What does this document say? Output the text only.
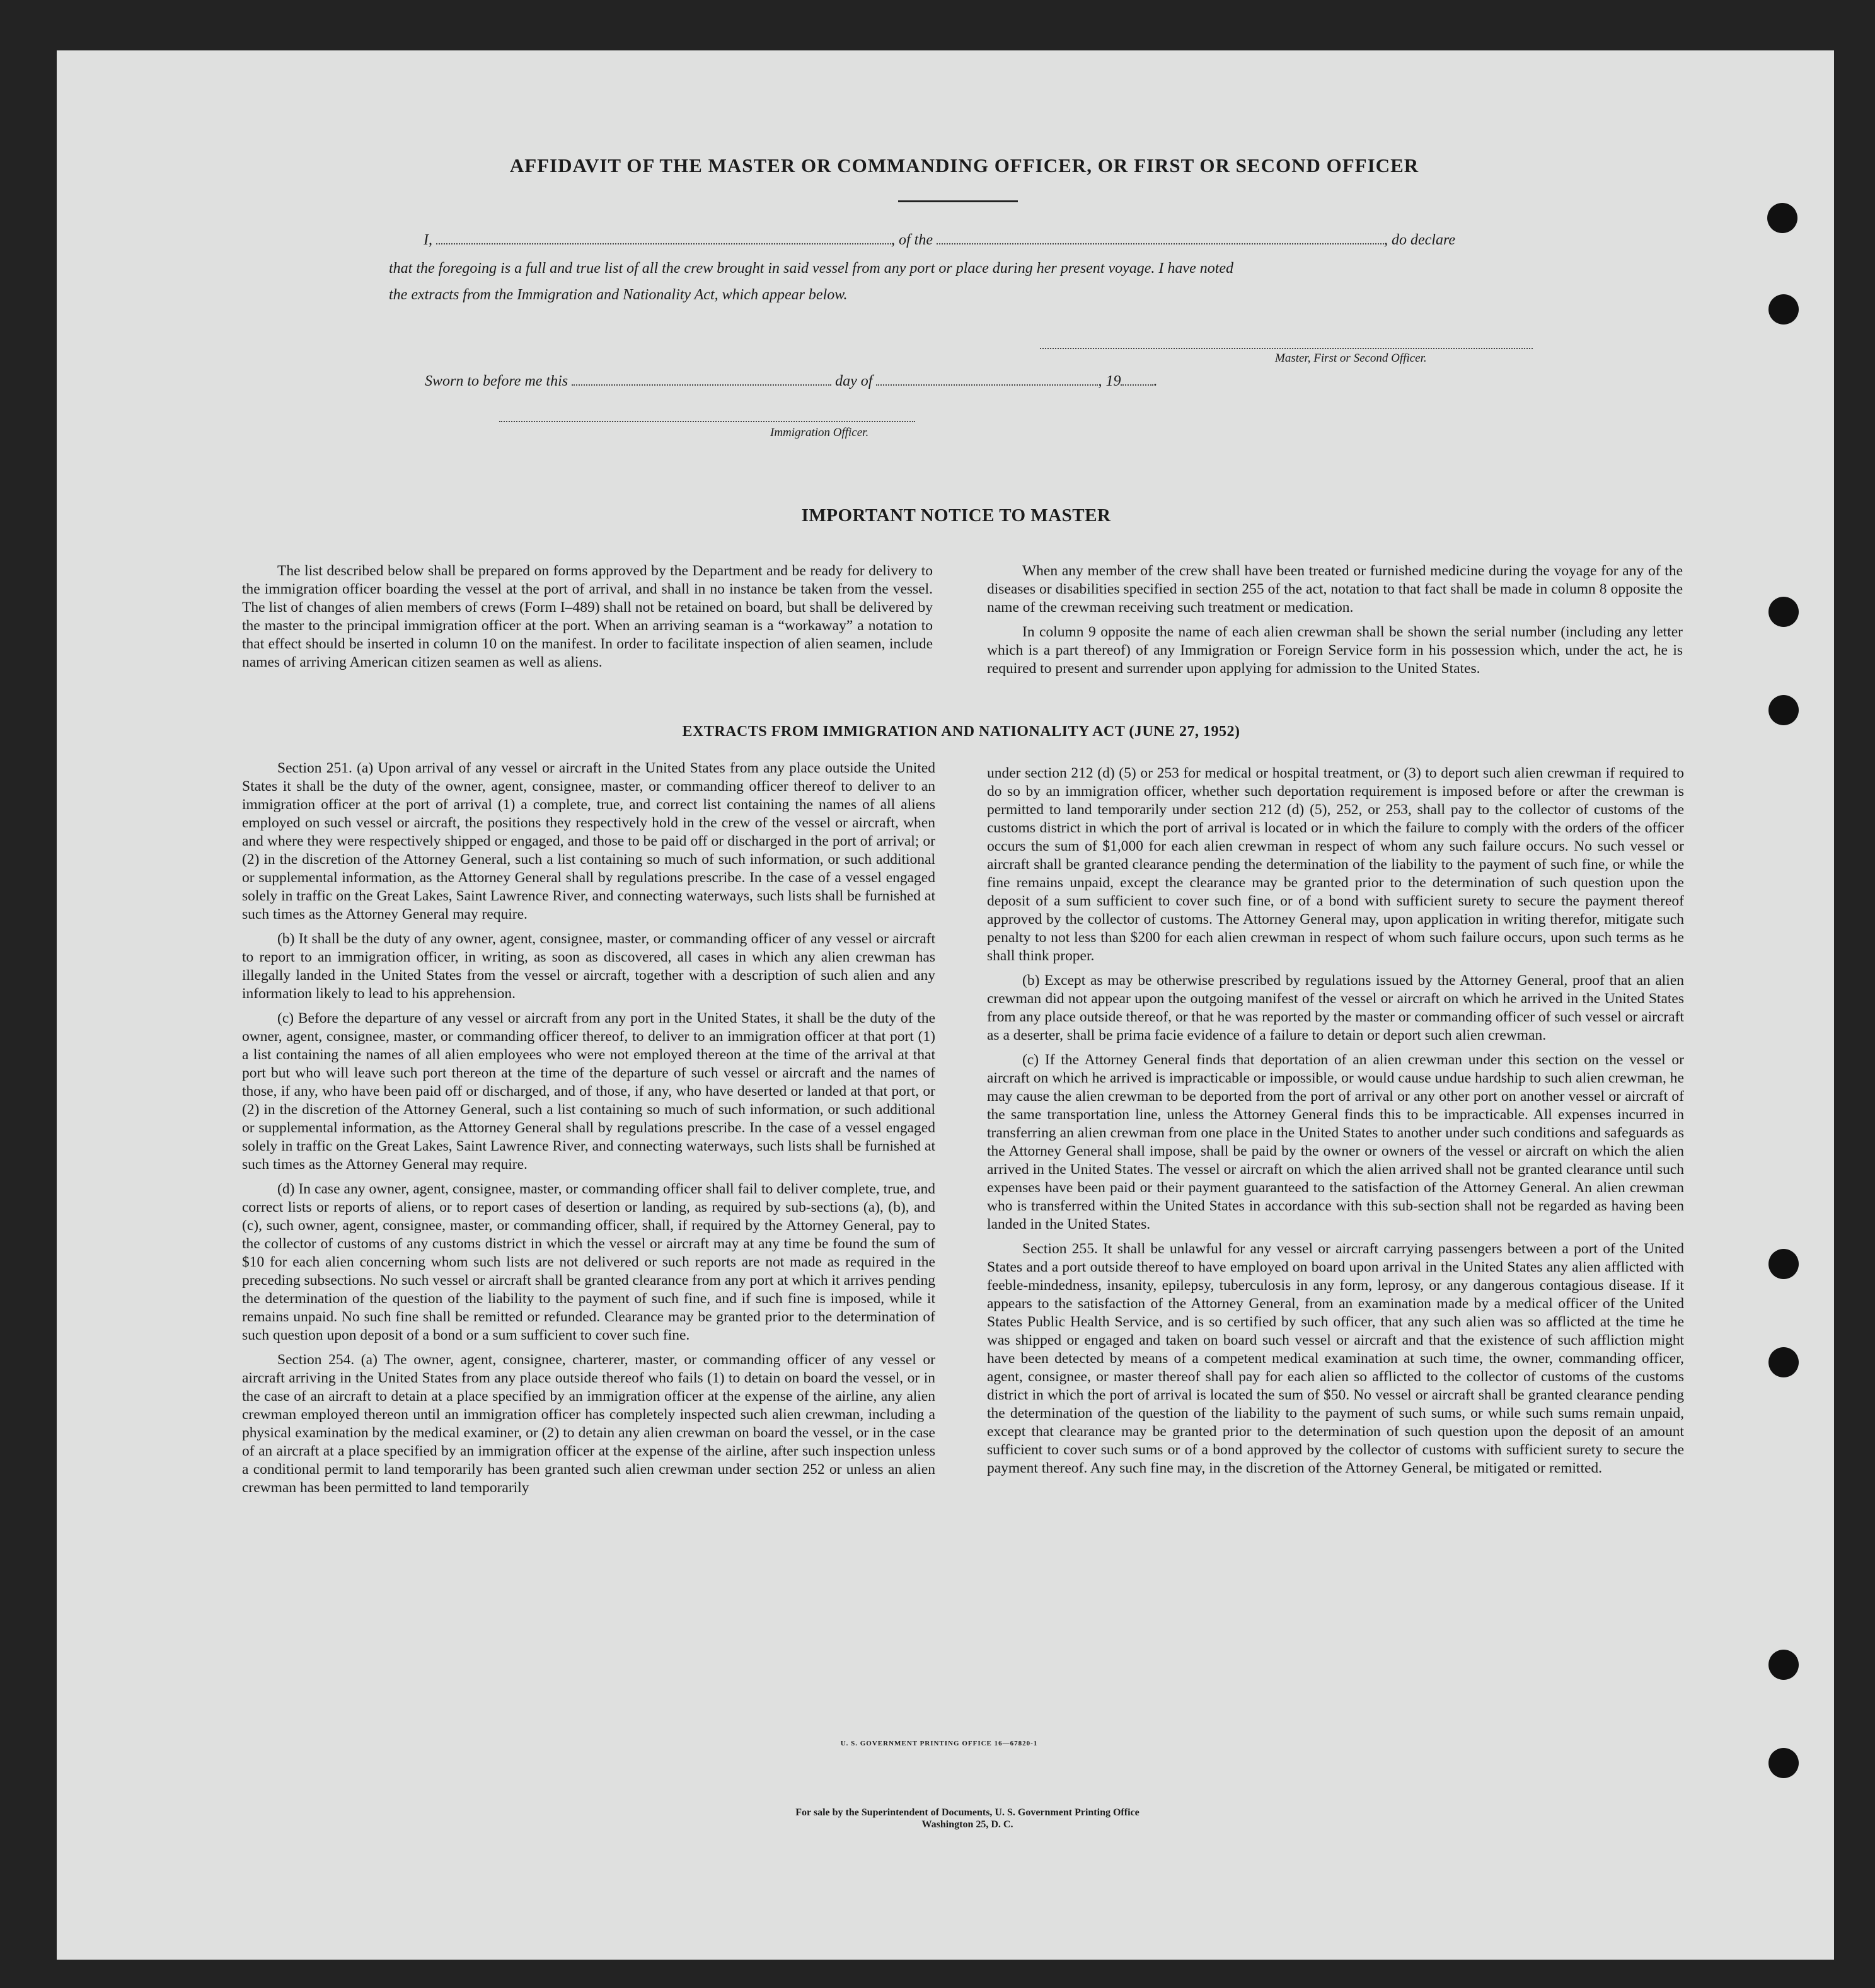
AFFIDAVIT OF THE MASTER OR COMMANDING OFFICER, OR FIRST OR SECOND OFFICER
I,	, of the	, do declare
that the foregoing is a full and true list of all the crew brought in said vessel from any port or place during her present voyage. I have noted
the extracts from the Immigration and Nationality Act, which appear below.
Master, First or Second Officer.
Sworn to before me this	day of	, 19 .
Immigration Officer.
IMPORTANT NOTICE TO MASTER

The list described below shall be prepared on forms approved by the Department and be ready for delivery to the immigration officer boarding the vessel at the port of arrival, and shall in no instance be taken from the vessel. The list of changes of alien members of crews (Form I–489) shall not be retained on board, but shall be delivered by the master to the principal immigration officer at the port. When an arriving seaman is a “workaway” a notation to that effect should be inserted in column 10 on the manifest. In order to facilitate inspection of alien seamen, include names of arriving American citizen seamen as well as aliens.

When any member of the crew shall have been treated or furnished medicine during the voyage for any of the diseases or disabilities specified in section 255 of the act, notation to that fact shall be made in column 8 opposite the name of the crewman receiving such treatment or medication.

In column 9 opposite the name of each alien crewman shall be shown the serial number (including any letter which is a part thereof) of any Immigration or Foreign Service form in his possession which, under the act, he is required to present and surrender upon applying for admission to the United States.

EXTRACTS FROM IMMIGRATION AND NATIONALITY ACT (JUNE 27, 1952)

Section 251. (a) Upon arrival of any vessel or aircraft in the United States from any place outside the United States it shall be the duty of the owner, agent, consignee, master, or commanding officer thereof to deliver to an immigration officer at the port of arrival (1) a complete, true, and correct list containing the names of all aliens employed on such vessel or aircraft, the positions they respectively hold in the crew of the vessel or aircraft, when and where they were respectively shipped or engaged, and those to be paid off or discharged in the port of arrival; or (2) in the discretion of the Attorney General, such a list containing so much of such information, or such additional or supplemental information, as the Attorney General shall by regulations prescribe. In the case of a vessel engaged solely in traffic on the Great Lakes, Saint Lawrence River, and connecting waterways, such lists shall be furnished at such times as the Attorney General may require.

(b) It shall be the duty of any owner, agent, consignee, master, or commanding officer of any vessel or aircraft to report to an immigration officer, in writing, as soon as discovered, all cases in which any alien crewman has illegally landed in the United States from the vessel or aircraft, together with a description of such alien and any information likely to lead to his apprehension.

(c) Before the departure of any vessel or aircraft from any port in the United States, it shall be the duty of the owner, agent, consignee, master, or commanding officer thereof, to deliver to an immigration officer at that port (1) a list containing the names of all alien employees who were not employed thereon at the time of the arrival at that port but who will leave such port thereon at the time of the departure of such vessel or aircraft and the names of those, if any, who have been paid off or discharged, and of those, if any, who have deserted or landed at that port, or (2) in the discretion of the Attorney General, such a list containing so much of such information, or such additional or supplemental information, as the Attorney General shall by regulations prescribe. In the case of a vessel engaged solely in traffic on the Great Lakes, Saint Lawrence River, and connecting waterways, such lists shall be furnished at such times as the Attorney General may require.

(d) In case any owner, agent, consignee, master, or commanding officer shall fail to deliver complete, true, and correct lists or reports of aliens, or to report cases of desertion or landing, as required by sub-sections (a), (b), and (c), such owner, agent, consignee, master, or commanding officer, shall, if required by the Attorney General, pay to the collector of customs of any customs district in which the vessel or aircraft may at any time be found the sum of $10 for each alien concerning whom such lists are not delivered or such reports are not made as required in the preceding subsections. No such vessel or aircraft shall be granted clearance from any port at which it arrives pending the determination of the question of the liability to the payment of such fine, and if such fine is imposed, while it remains unpaid. No such fine shall be remitted or refunded. Clearance may be granted prior to the determination of such question upon deposit of a bond or a sum sufficient to cover such fine.

Section 254. (a) The owner, agent, consignee, charterer, master, or commanding officer of any vessel or aircraft arriving in the United States from any place outside thereof who fails (1) to detain on board the vessel, or in the case of an aircraft to detain at a place specified by an immigration officer at the expense of the airline, any alien crewman employed thereon until an immigration officer has completely inspected such alien crewman, including a physical examination by the medical examiner, or (2) to detain any alien crewman on board the vessel, or in the case of an aircraft at a place specified by an immigration officer at the expense of the airline, after such inspection unless a conditional permit to land temporarily has been granted such alien crewman under section 252 or unless an alien crewman has been permitted to land temporarily

under section 212 (d) (5) or 253 for medical or hospital treatment, or (3) to deport such alien crewman if required to do so by an immigration officer, whether such deportation requirement is imposed before or after the crewman is permitted to land temporarily under section 212 (d) (5), 252, or 253, shall pay to the collector of customs of the customs district in which the port of arrival is located or in which the failure to comply with the orders of the officer occurs the sum of $1,000 for each alien crewman in respect of whom any such failure occurs. No such vessel or aircraft shall be granted clearance pending the determination of the liability to the payment of such fine, or while the fine remains unpaid, except the clearance may be granted prior to the determination of such question upon the deposit of a sum sufficient to cover such fine, or of a bond with sufficient surety to secure the payment thereof approved by the collector of customs. The Attorney General may, upon application in writing therefor, mitigate such penalty to not less than $200 for each alien crewman in respect of whom such failure occurs, upon such terms as he shall think proper.

(b) Except as may be otherwise prescribed by regulations issued by the Attorney General, proof that an alien crewman did not appear upon the outgoing manifest of the vessel or aircraft on which he arrived in the United States from any place outside thereof, or that he was reported by the master or commanding officer of such vessel or aircraft as a deserter, shall be prima facie evidence of a failure to detain or deport such alien crewman.

(c) If the Attorney General finds that deportation of an alien crewman under this section on the vessel or aircraft on which he arrived is impracticable or impossible, or would cause undue hardship to such alien crewman, he may cause the alien crewman to be deported from the port of arrival or any other port on another vessel or aircraft of the same transportation line, unless the Attorney General finds this to be impracticable. All expenses incurred in transferring an alien crewman from one place in the United States to another under such conditions and safeguards as the Attorney General shall impose, shall be paid by the owner or owners of the vessel or aircraft on which the alien arrived in the United States. The vessel or aircraft on which the alien arrived shall not be granted clearance until such expenses have been paid or their payment guaranteed to the satisfaction of the Attorney General. An alien crewman who is transferred within the United States in accordance with this sub-section shall not be regarded as having been landed in the United States.

Section 255. It shall be unlawful for any vessel or aircraft carrying passengers between a port of the United States and a port outside thereof to have employed on board upon arrival in the United States any alien afflicted with feeble-mindedness, insanity, epilepsy, tuberculosis in any form, leprosy, or any dangerous contagious disease. If it appears to the satisfaction of the Attorney General, from an examination made by a medical officer of the United States Public Health Service, and is so certified by such officer, that any such alien was so afflicted at the time he was shipped or engaged and taken on board such vessel or aircraft and that the existence of such affliction might have been detected by means of a competent medical examination at such time, the owner, commanding officer, agent, consignee, or master thereof shall pay for each alien so afflicted to the collector of customs of the customs district in which the port of arrival is located the sum of $50. No vessel or aircraft shall be granted clearance pending the determination of the question of the liability to the payment of such sums, or while such sums remain unpaid, except that clearance may be granted prior to the determination of such question upon the deposit of an amount sufficient to cover such sums or of a bond approved by the collector of customs with sufficient surety to secure the payment thereof. Any such fine may, in the discretion of the Attorney General, be mitigated or remitted.

U. S. GOVERNMENT PRINTING OFFICE 16—67820-1
For sale by the Superintendent of Documents, U. S. Government Printing Office
Washington 25, D. C.
